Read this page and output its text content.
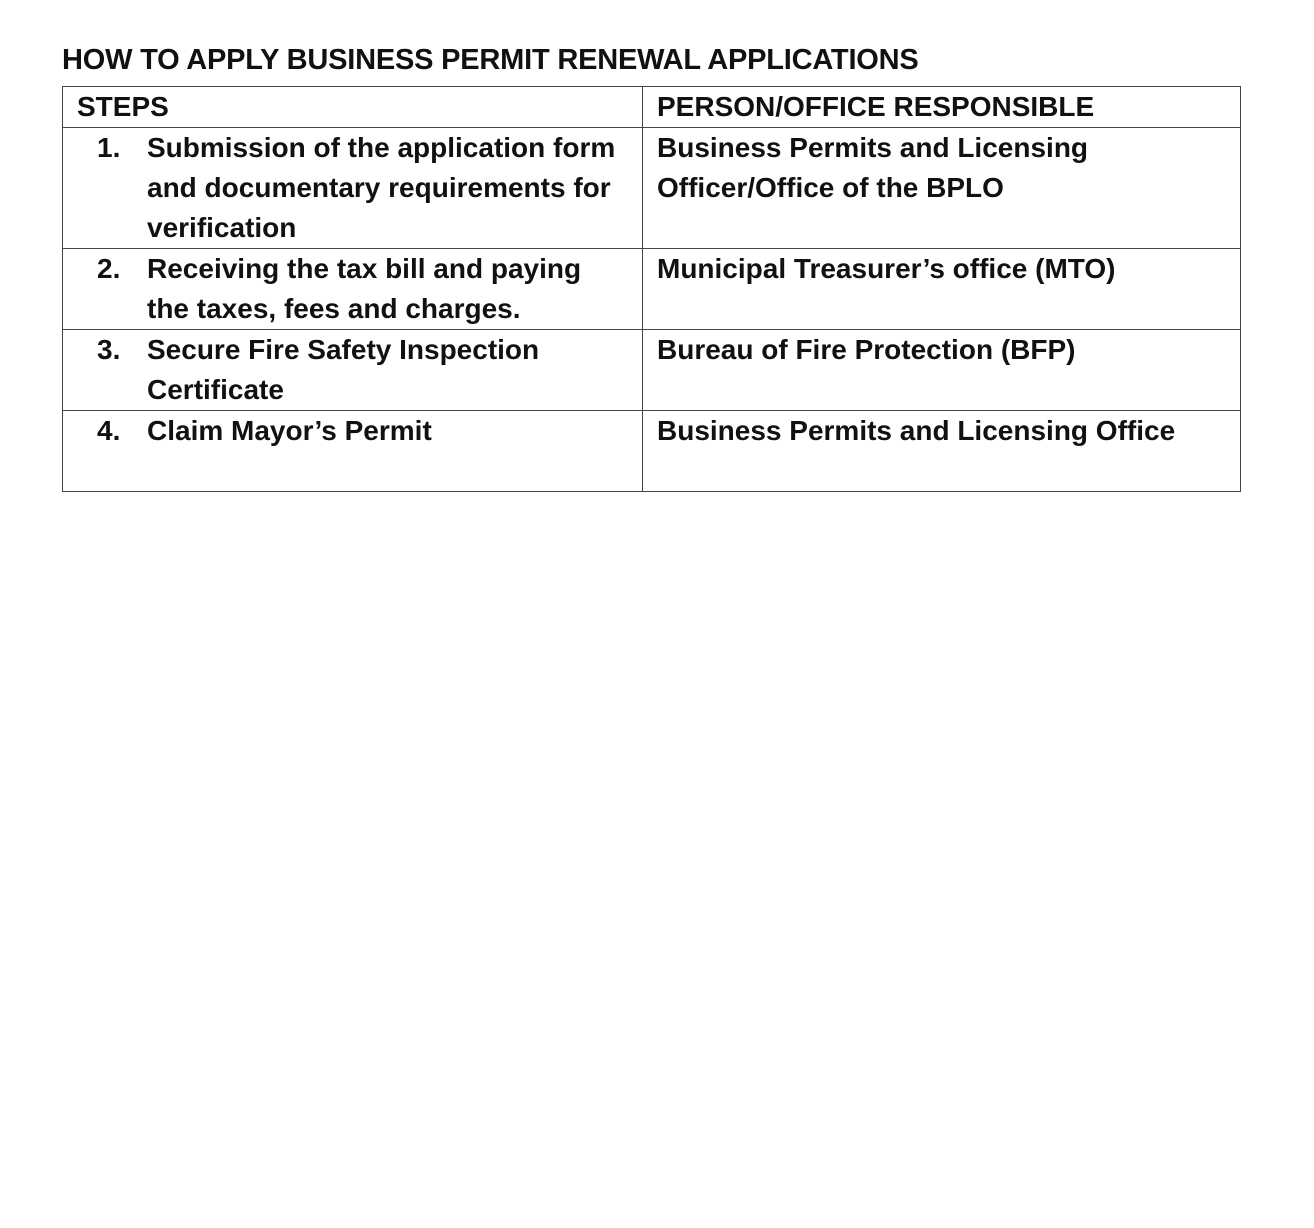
HOW TO APPLY BUSINESS PERMIT RENEWAL APPLICATIONS
STEPS	PERSON/OFFICE RESPONSIBLE

1. Submission of the application form and documentary requirements for verification	Business Permits and Licensing Officer/Office of the BPLO

2. Receiving the tax bill and paying the taxes, fees and charges.	Municipal Treasurer’s office (MTO)

3. Secure Fire Safety Inspection Certificate	Bureau of Fire Protection (BFP)

4. Claim Mayor’s Permit	Business Permits and Licensing Office
